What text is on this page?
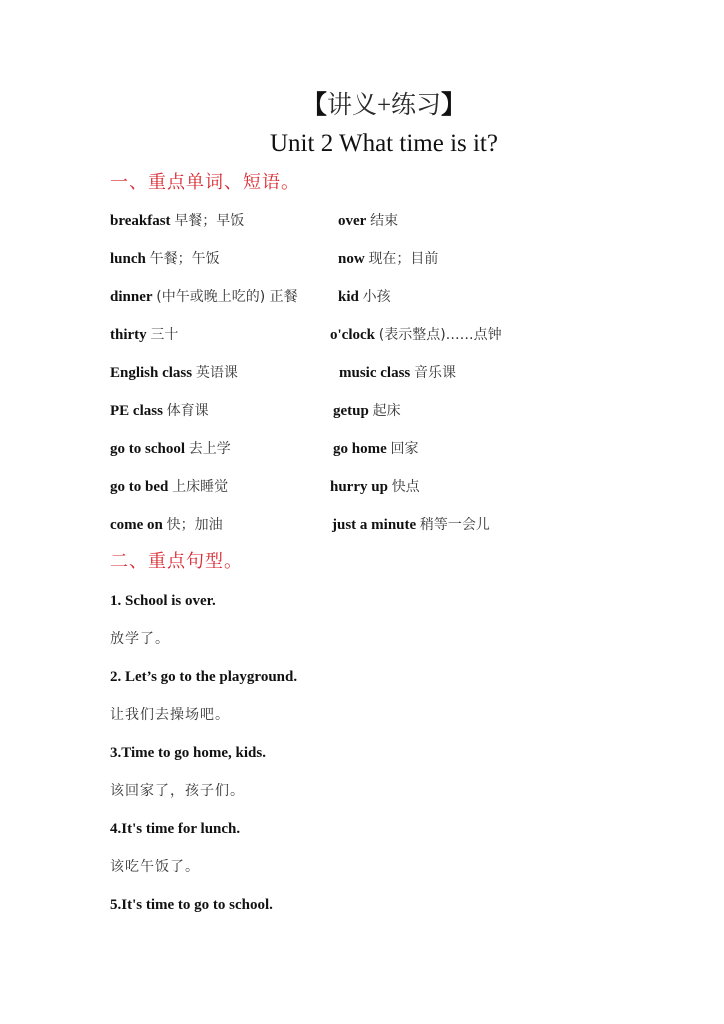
【讲义+练习】
Unit 2 What time is it?
一、重点单词、短语。
breakfast 早餐；早饭	over 结束
lunch 午餐；午饭	now 现在；目前
dinner (中午或晚上吃的) 正餐	kid 小孩
thirty 三十	o'clock (表示整点)……点钟
English class 英语课	music class 音乐课
PE class 体育课	getup 起床
go to school 去上学	go home 回家
go to bed 上床睡觉	hurry up 快点
come on 快；加油	just a minute 稍等一会儿
二、重点句型。
1. School is over.
放学了。
2. Let’s go to the playground.
让我们去操场吧。
3.Time to go home, kids.
该回家了，孩子们。
4.It's time for lunch.
该吃午饭了。
5.It's time to go to school.
